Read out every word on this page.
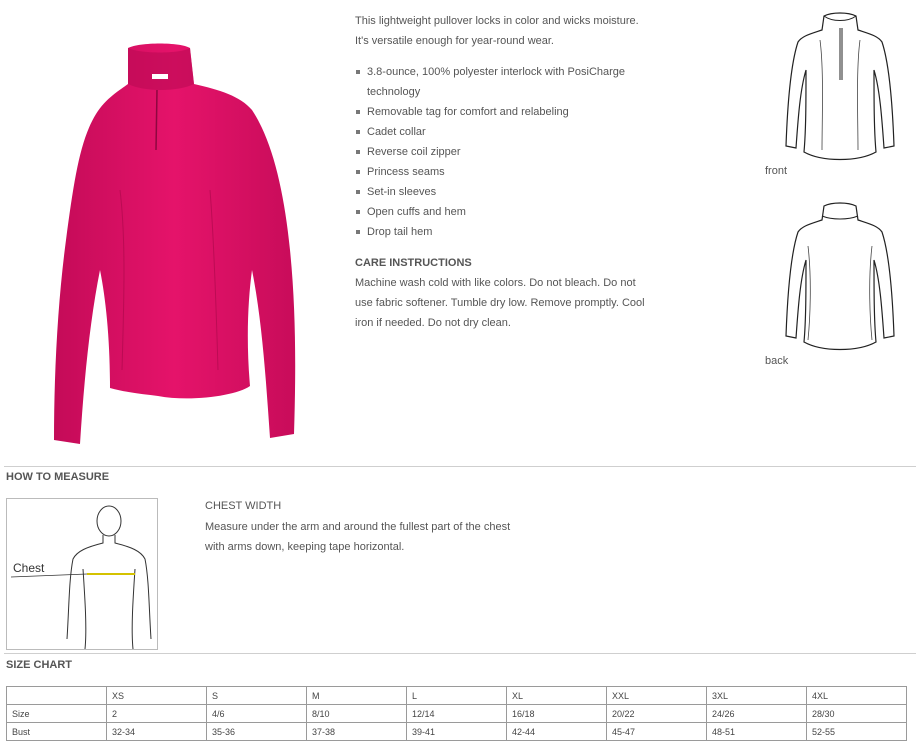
This lightweight pullover locks in color and wicks moisture.
It's versatile enough for year-round wear.
3.8-ounce, 100% polyester interlock with PosiCharge technology
Removable tag for comfort and relabeling
Cadet collar
Reverse coil zipper
Princess seams
Set-in sleeves
Open cuffs and hem
Drop tail hem
CARE INSTRUCTIONS
Machine wash cold with like colors. Do not bleach. Do not
use fabric softener. Tumble dry low. Remove promptly. Cool
iron if needed. Do not dry clean.
front
back
HOW TO MEASURE
Chest
CHEST WIDTH
Measure under the arm and around the fullest part of the chest
with arms down, keeping tape horizontal.
SIZE CHART
	XS	S	M	L	XL	XXL	3XL	4XL
Size	2	4/6	8/10	12/14	16/18	20/22	24/26	28/30
Bust	32-34	35-36	37-38	39-41	42-44	45-47	48-51	52-55
